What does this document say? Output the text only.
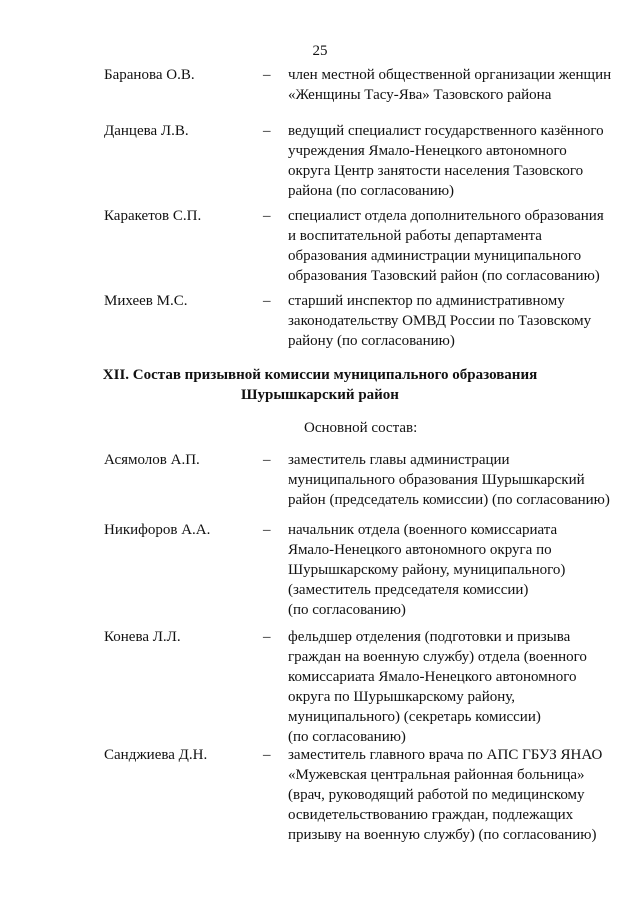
25
Баранова О.В.	– член местной общественной организации женщин
«Женщины Тасу-Ява» Тазовского района
Данцева Л.В.	– ведущий специалист государственного казённого
учреждения Ямало-Ненецкого автономного
округа Центр занятости населения Тазовского
района (по согласованию)
Каракетов С.П.	– специалист отдела дополнительного образования
и воспитательной работы департамента
образования администрации муниципального
образования Тазовский район (по согласованию)
Михеев М.С.	– старший инспектор по административному
законодательству ОМВД России по Тазовскому
району (по согласованию)
XII. Состав призывной комиссии муниципального образования
Шурышкарский район
Основной состав:
Асямолов А.П.	– заместитель главы администрации
муниципального образования Шурышкарский
район (председатель комиссии) (по согласованию)
Никифоров А.А.	– начальник отдела (военного комиссариата
Ямало-Ненецкого автономного округа по
Шурышкарскому району, муниципального)
(заместитель председателя комиссии)
(по согласованию)
Конева Л.Л.	– фельдшер отделения (подготовки и призыва
граждан на военную службу) отдела (военного
комиссариата Ямало-Ненецкого автономного
округа по Шурышкарскому району,
муниципального) (секретарь комиссии)
(по согласованию)
Санджиева Д.Н.	– заместитель главного врача по АПС ГБУЗ ЯНАО
«Мужевская центральная районная больница»
(врач, руководящий работой по медицинскому
освидетельствованию граждан, подлежащих
призыву на военную службу) (по согласованию)
